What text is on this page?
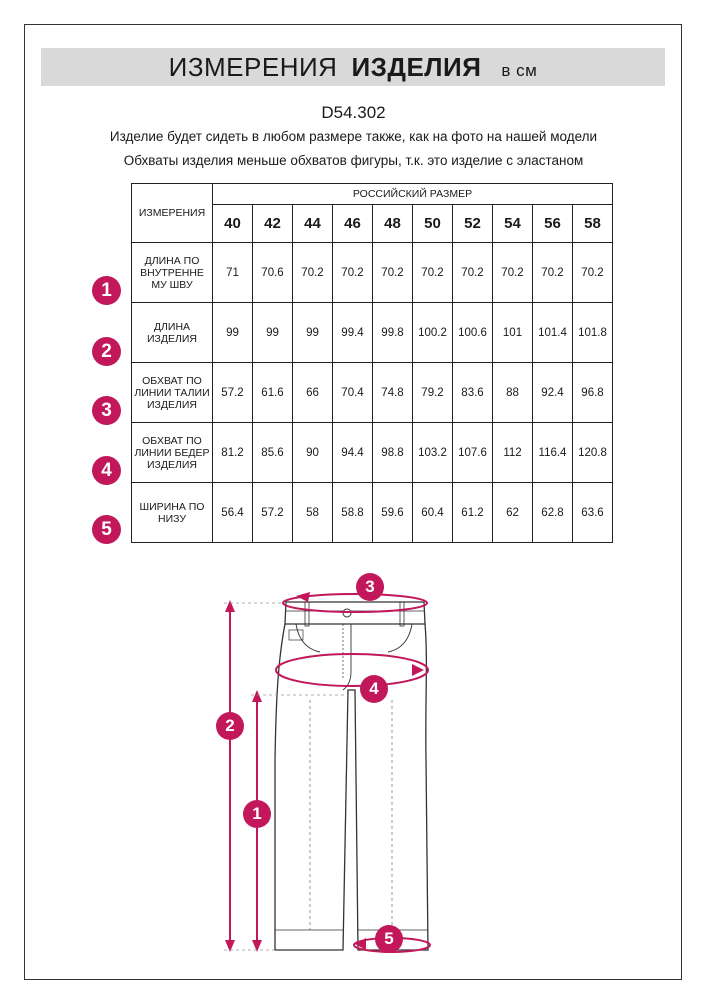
ИЗМЕРЕНИЯ ИЗДЕЛИЯ в см
D54.302
Изделие будет сидеть в любом размере также, как на фото на нашей модели
Обхваты изделия меньше обхватов фигуры, т.к. это изделие с эластаном
ИЗМЕРЕНИЯ	РОССИЙСКИЙ РАЗМЕР									
	40	42	44	46	48	50	52	54	56	58
ДЛИНА ПО ВНУТРЕННЕ МУ ШВУ	71	70.6	70.2	70.2	70.2	70.2	70.2	70.2	70.2	70.2
ДЛИНА ИЗДЕЛИЯ	99	99	99	99.4	99.8	100.2	100.6	101	101.4	101.8
ОБХВАТ ПО ЛИНИИ ТАЛИИ ИЗДЕЛИЯ	57.2	61.6	66	70.4	74.8	79.2	83.6	88	92.4	96.8
ОБХВАТ ПО ЛИНИИ БЕДЕР ИЗДЕЛИЯ	81.2	85.6	90	94.4	98.8	103.2	107.6	112	116.4	120.8
ШИРИНА ПО НИЗУ	56.4	57.2	58	58.8	59.6	60.4	61.2	62	62.8	63.6
1
2
3
4
5
3
4
2
1
5
